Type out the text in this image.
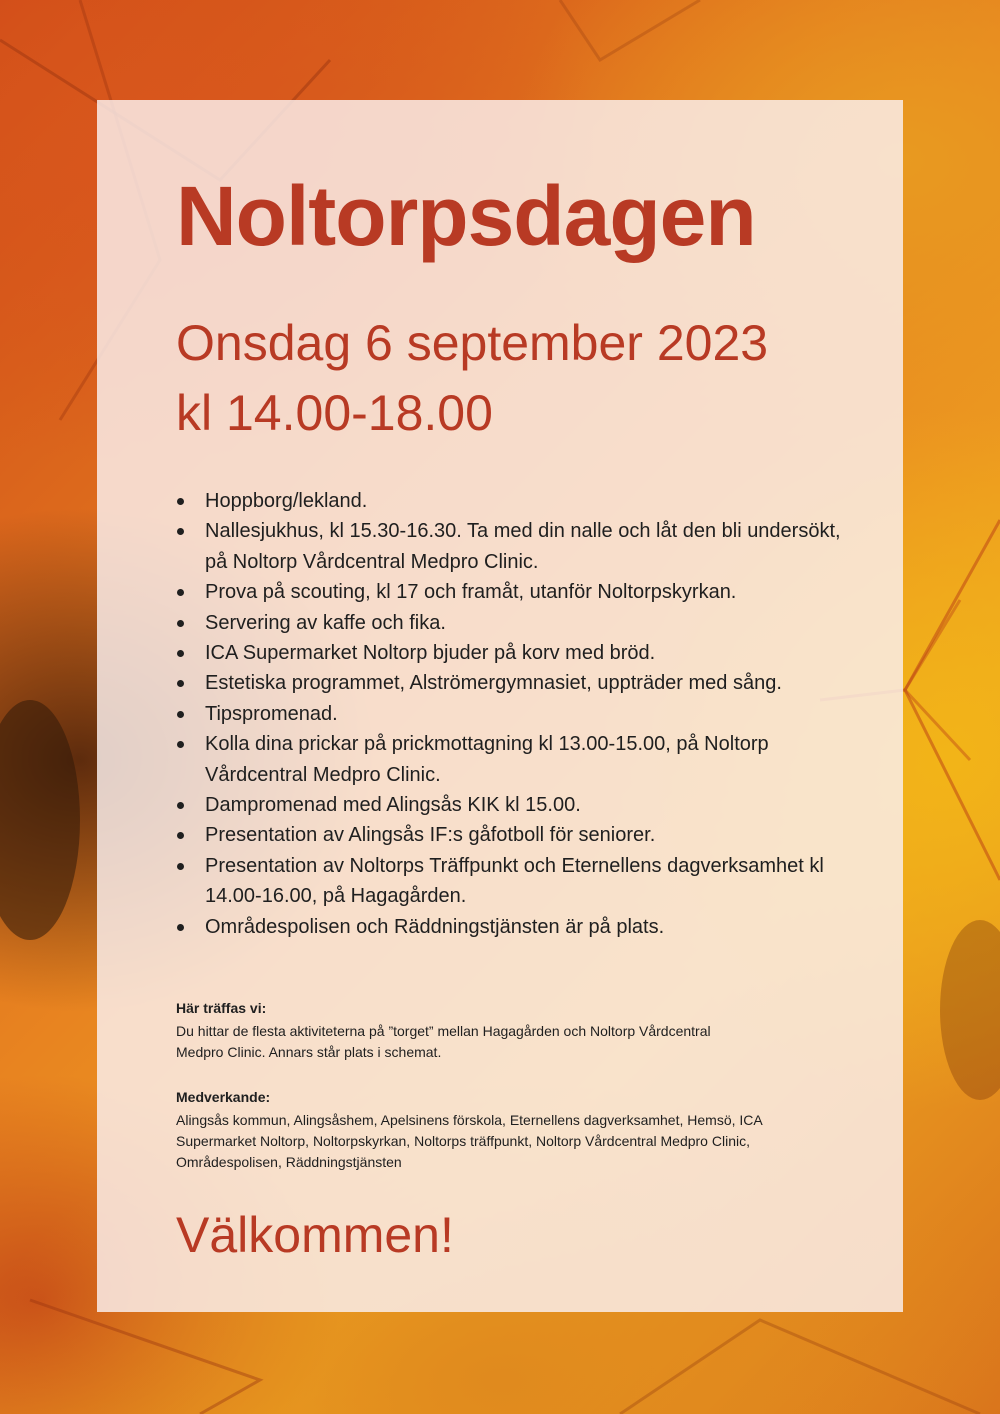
Noltorpsdagen
Onsdag 6 september 2023
kl 14.00-18.00
Hoppborg/lekland.
Nallesjukhus, kl 15.30-16.30. Ta med din nalle och låt den bli undersökt, på Noltorp Vårdcentral Medpro Clinic.
Prova på scouting, kl 17 och framåt, utanför Noltorpskyrkan.
Servering av kaffe och fika.
ICA Supermarket Noltorp bjuder på korv med bröd.
Estetiska programmet, Alströmergymnasiet, uppträder med sång.
Tipspromenad.
Kolla dina prickar på prickmottagning kl 13.00-15.00, på Noltorp Vårdcentral Medpro Clinic.
Dampromenad med Alingsås KIK kl 15.00.
Presentation av Alingsås IF:s gåfotboll för seniorer.
Presentation av Noltorps Träffpunkt och Eternellens dagverksamhet kl 14.00-16.00, på Hagagården.
Områdespolisen och Räddningstjänsten är på plats.
Här träffas vi:
Du hittar de flesta aktiviteterna på ”torget” mellan Hagagården och Noltorp Vårdcentral Medpro Clinic. Annars står plats i schemat.
Medverkande:
Alingsås kommun, Alingsåshem, Apelsinens förskola, Eternellens dagverksamhet, Hemsö, ICA Supermarket Noltorp, Noltorpskyrkan, Noltorps träffpunkt, Noltorp Vårdcentral Medpro Clinic, Områdespolisen, Räddningstjänsten
Välkommen!
